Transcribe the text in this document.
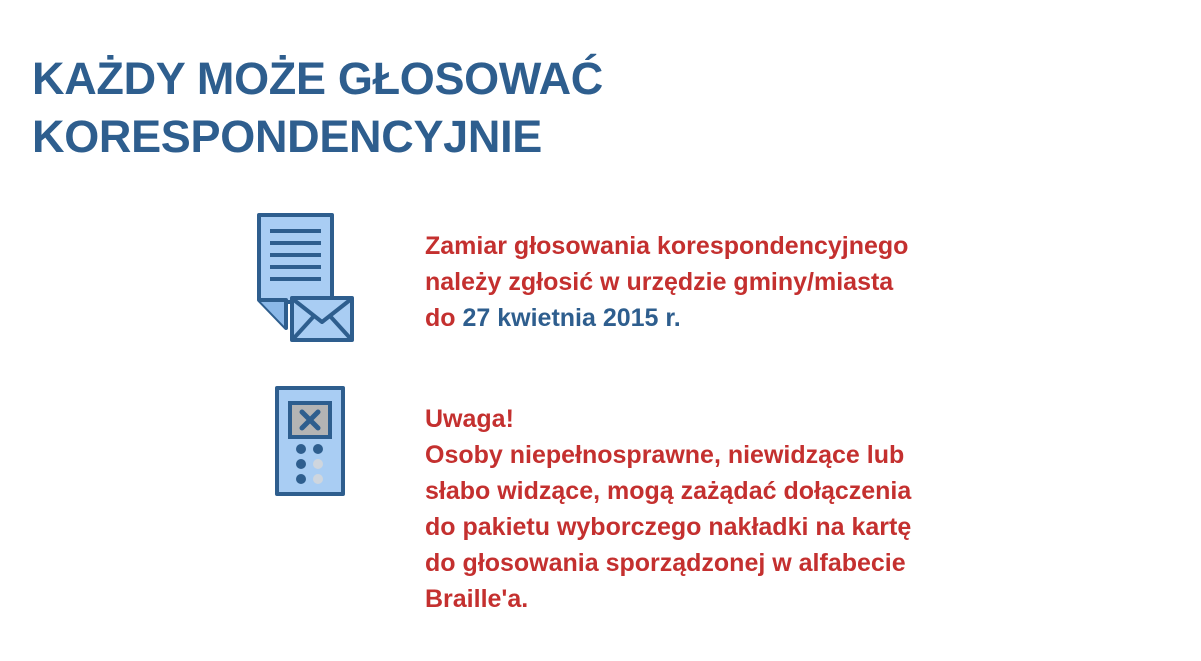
KAŻDY MOŻE GŁOSOWAĆ
KORESPONDENCYJNIE
Zamiar głosowania korespondencyjnego
należy zgłosić w urzędzie gminy/miasta
do 27 kwietnia 2015 r.
Uwaga!
Osoby niepełnosprawne, niewidzące lub
słabo widzące, mogą zażądać dołączenia
do pakietu wyborczego nakładki na kartę
do głosowania sporządzonej w alfabecie
Braille'a.
